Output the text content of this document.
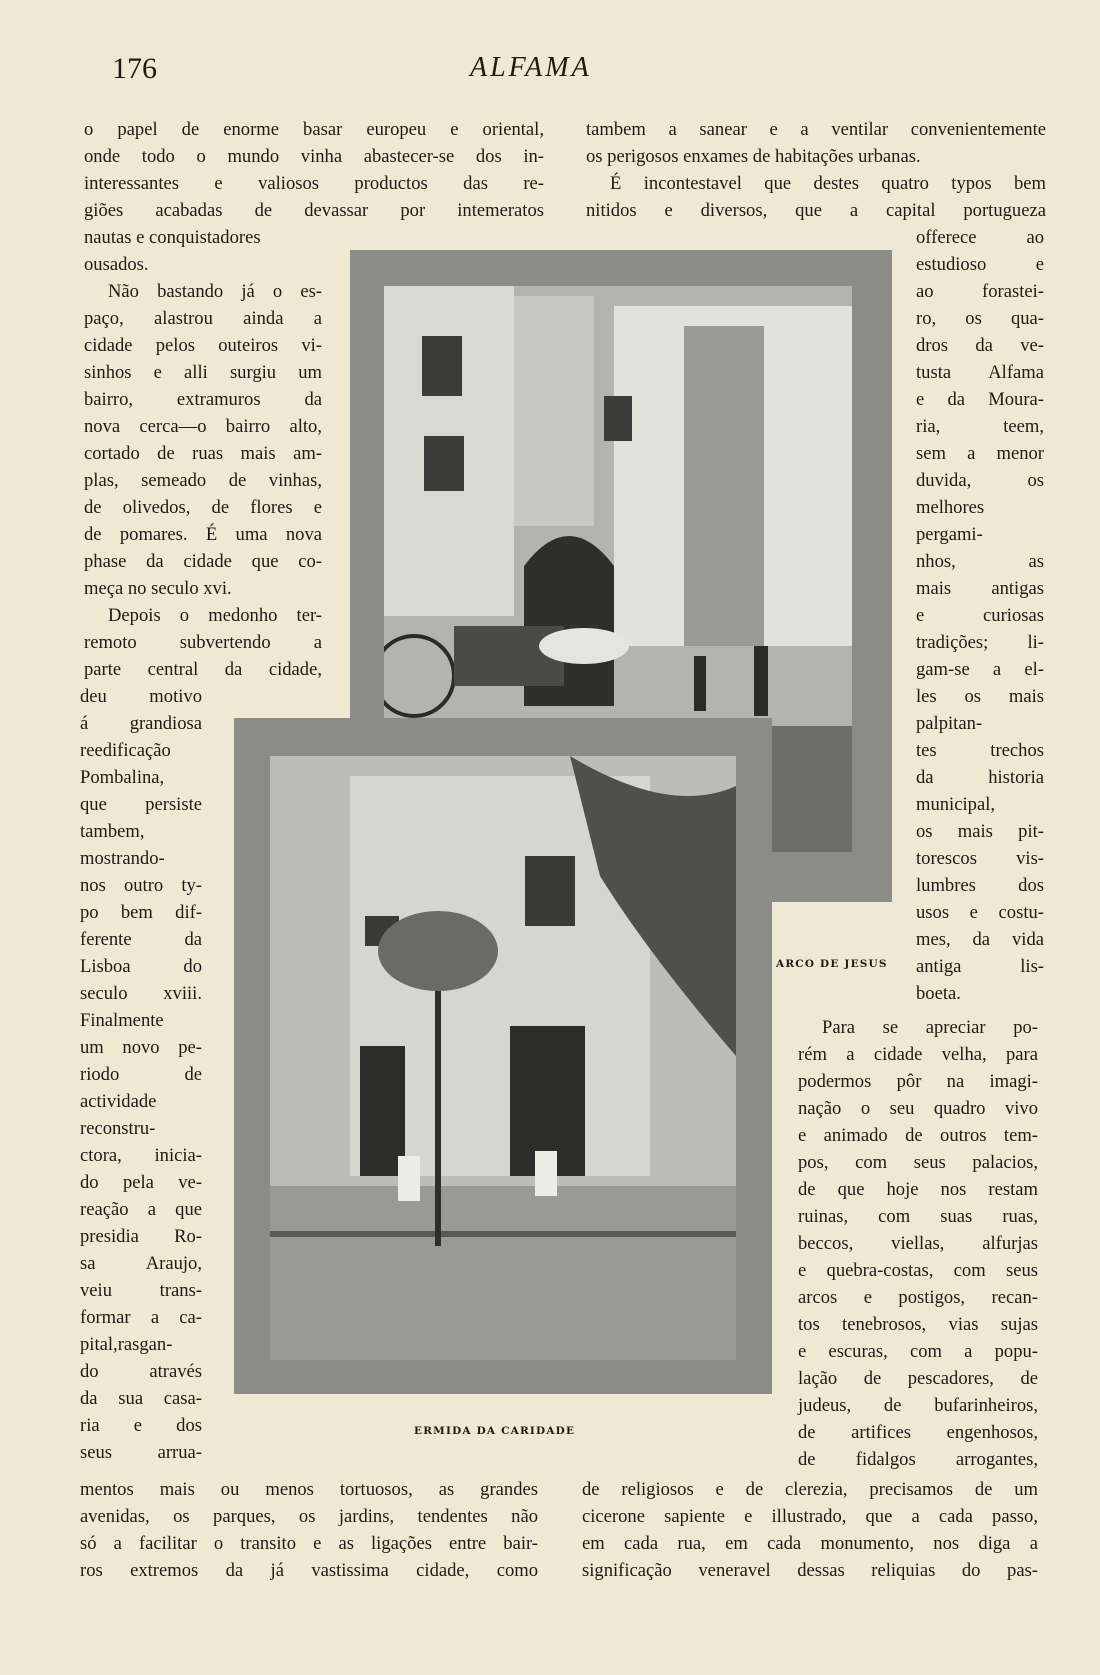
176	ALFAMA
ARCO DE JESUS
ERMIDA DA CARIDADE
o papel de enorme basar europeu e oriental,
onde todo o mundo vinha abastecer-se dos in-
interessantes e valiosos productos das re-
giões acabadas de devassar por intemeratos
nautas e conquistadores
ousados.
Não bastando já o es-
paço, alastrou ainda a
cidade pelos outeiros vi-
sinhos e alli surgiu um
bairro, extramuros da
nova cerca—o bairro alto,
cortado de ruas mais am-
plas, semeado de vinhas,
de olivedos, de flores e
de pomares. É uma nova
phase da cidade que co-
meça no seculo xvi.
Depois o medonho ter-
remoto subvertendo a
parte central da cidade,
deu motivo
á grandiosa
reedificação
Pombalina,
que persiste
tambem,
mostrando-
nos outro ty-
po bem dif-
ferente da
Lisboa do
seculo xviii.
Finalmente
um novo pe-
riodo de
actividade
reconstru-
ctora, inicia-
do pela ve-
reação a que
presidia Ro-
sa Araujo,
veiu trans-
formar a ca-
pital,rasgan-
do através
da sua casa-
ria e dos
seus arrua-
mentos mais ou menos tortuosos, as grandes
avenidas, os parques, os jardins, tendentes não
só a facilitar o transito e as ligações entre bair-
ros extremos da já vastissima cidade, como
tambem a sanear e a ventilar convenientemente
os perigosos enxames de habitações urbanas.
É incontestavel que destes quatro typos bem
nitidos e diversos, que a capital portugueza
offerece ao
estudioso e
ao forastei-
ro, os qua-
dros da ve-
tusta Alfama
e da Moura-
ria, teem,
sem a menor
duvida, os
melhores
pergami-
nhos, as
mais antigas
e curiosas
tradições; li-
gam-se a el-
les os mais
palpitan-
tes trechos
da historia
municipal,
os mais pit-
torescos vis-
lumbres dos
usos e costu-
mes, da vida
antiga lis-
boeta.
Para se apreciar po-
rém a cidade velha, para
podermos pôr na imagi-
nação o seu quadro vivo
e animado de outros tem-
pos, com seus palacios,
de que hoje nos restam
ruinas, com suas ruas,
beccos, viellas, alfurjas
e quebra-costas, com seus
arcos e postigos, recan-
tos tenebrosos, vias sujas
e escuras, com a popu-
lação de pescadores, de
judeus, de bufarinheiros,
de artifices engenhosos,
de fidalgos arrogantes,
de religiosos e de clerezia, precisamos de um
cicerone sapiente e illustrado, que a cada passo,
em cada rua, em cada monumento, nos diga a
significação veneravel dessas reliquias do pas-
